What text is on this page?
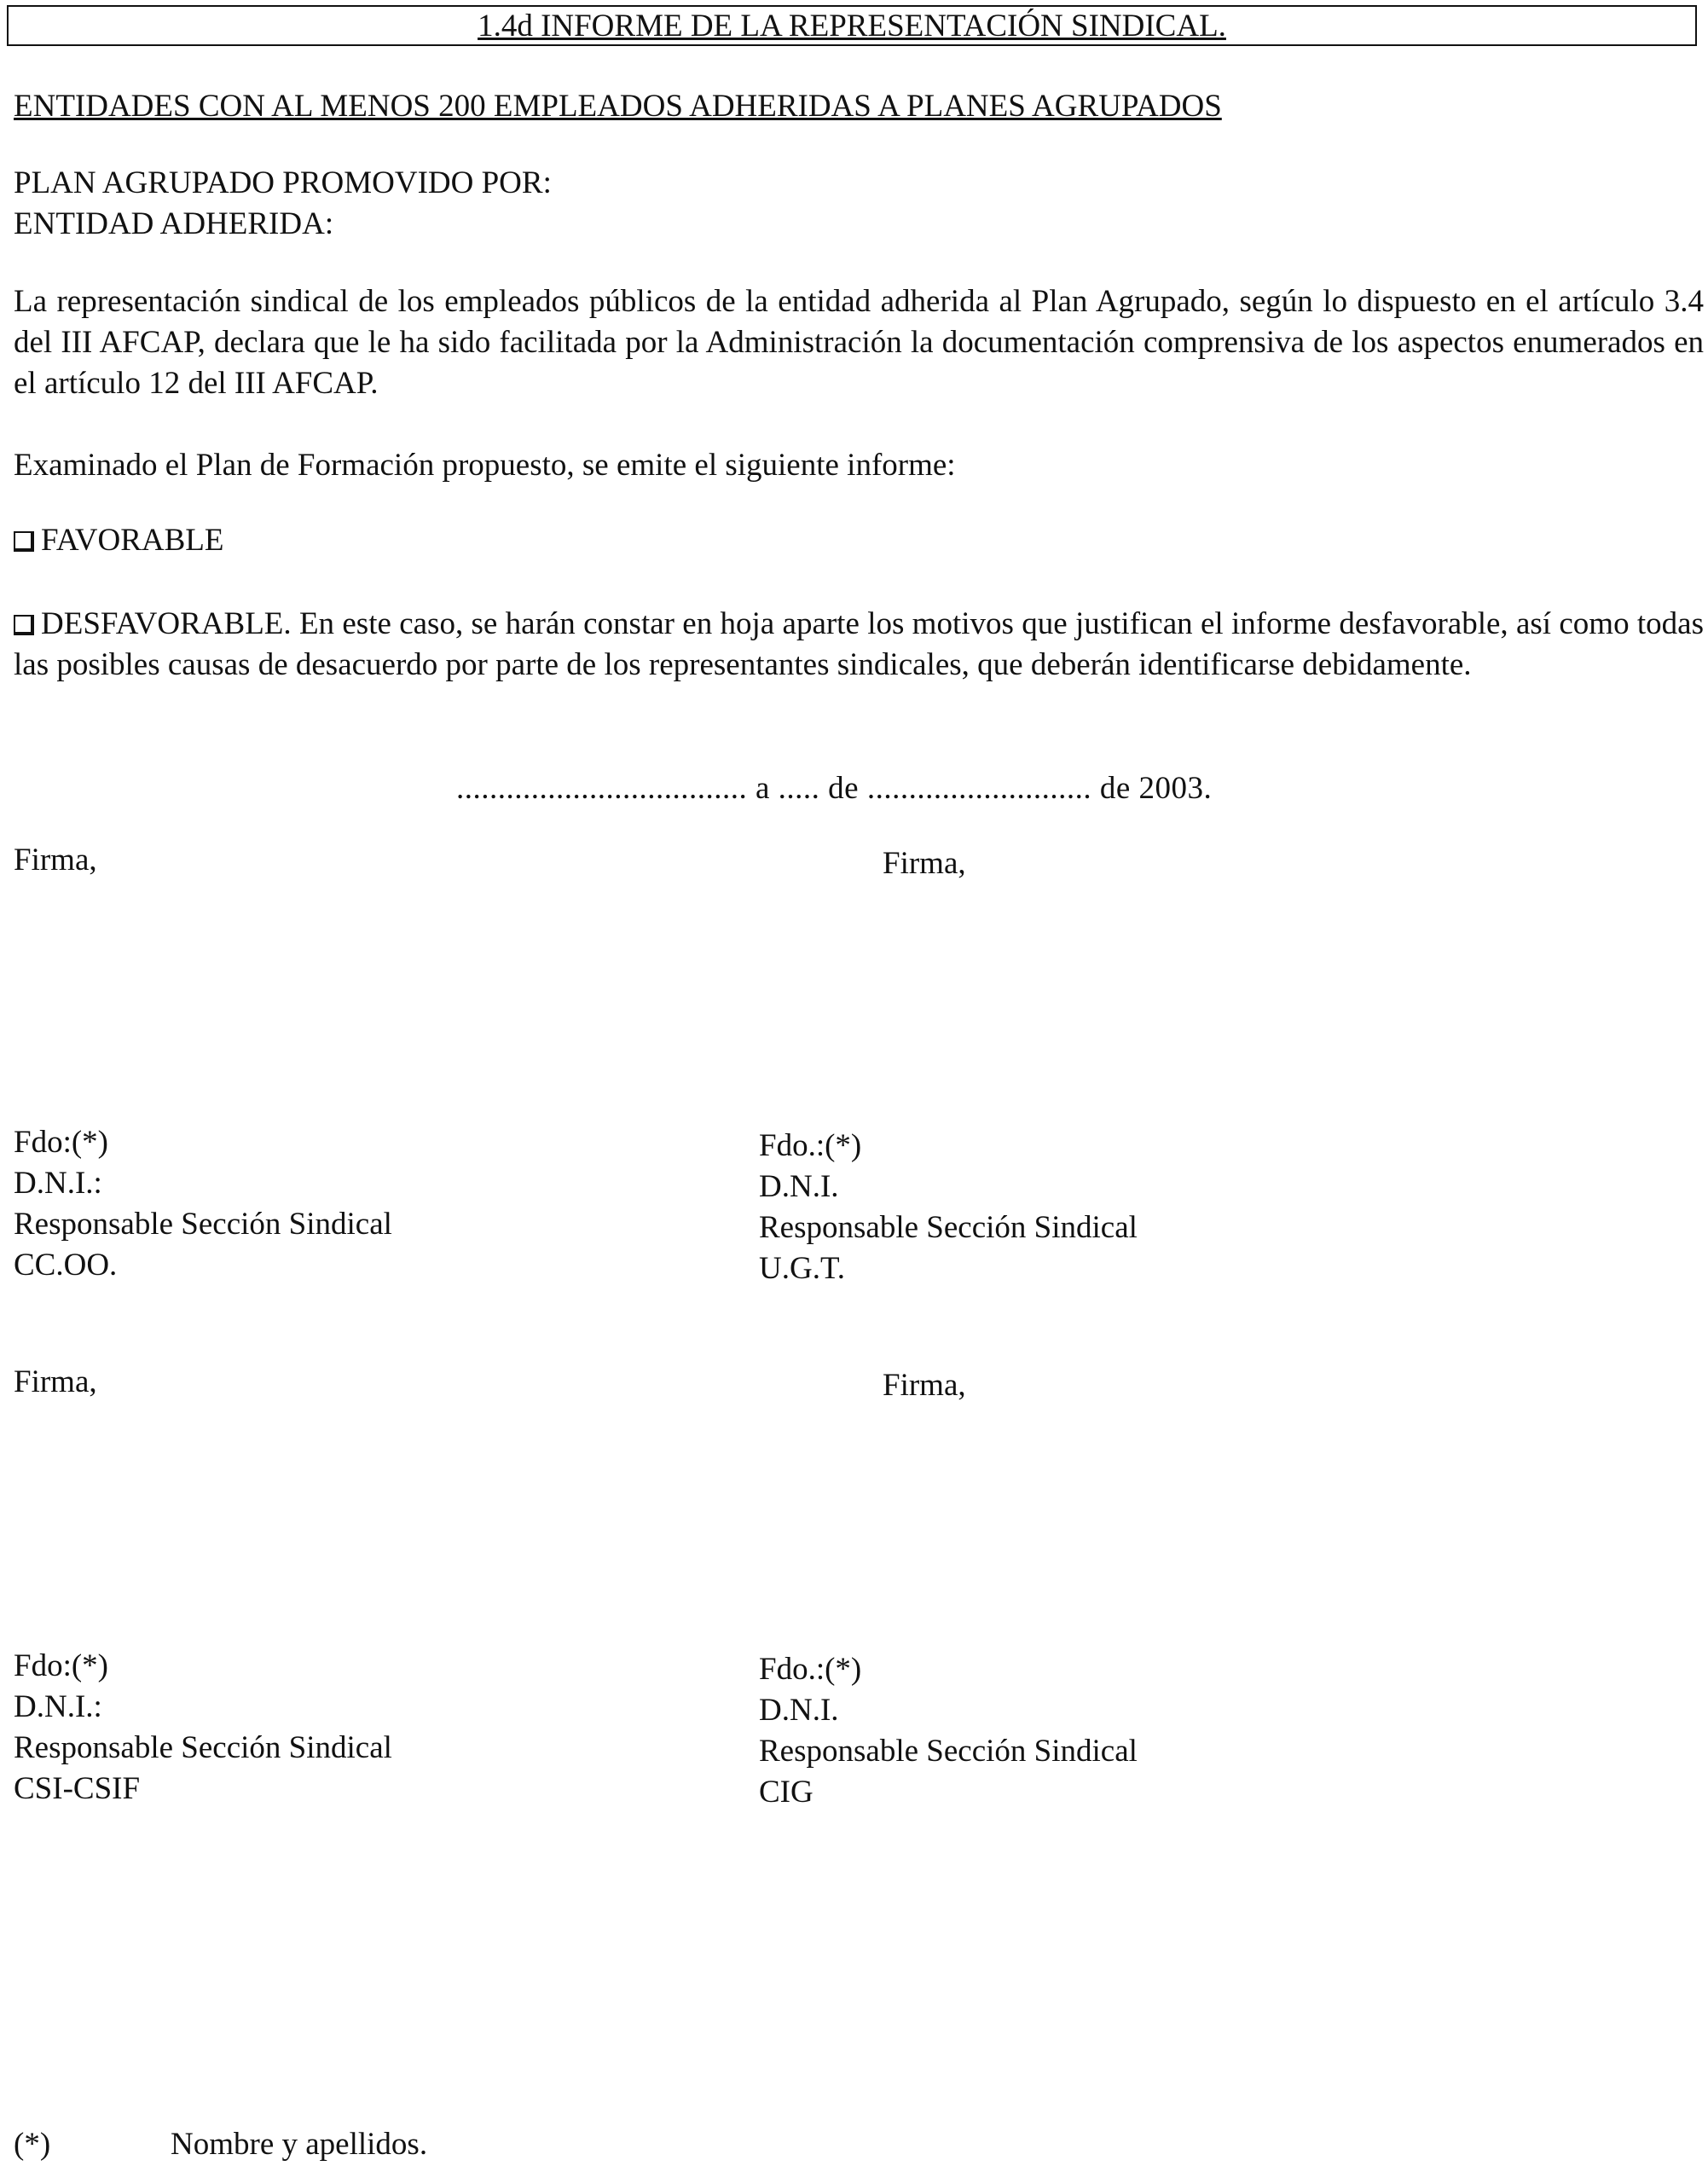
1.4d INFORME DE LA REPRESENTACIÓN SINDICAL.
ENTIDADES CON AL MENOS 200 EMPLEADOS ADHERIDAS A PLANES AGRUPADOS
PLAN AGRUPADO PROMOVIDO POR:
ENTIDAD ADHERIDA:
La representación sindical de los empleados públicos de la entidad adherida al Plan Agrupado, según lo dispuesto en el artículo 3.4 del III AFCAP, declara que le ha sido facilitada por la Administración la documentación comprensiva de los aspectos enumerados en el artículo 12 del III AFCAP.
Examinado el Plan de Formación propuesto, se emite el siguiente informe:
FAVORABLE
DESFAVORABLE. En este caso, se harán constar en hoja aparte los motivos que justifican el informe desfavorable, así como todas las posibles causas de desacuerdo por parte de los representantes sindicales, que deberán identificarse debidamente.
................................... a ..... de ........................... de 2003.
Firma,	Firma,
Firma,	Firma,
Fdo:(*)
D.N.I.:
Responsable Sección Sindical
CC.OO.
Fdo.:(*)
D.N.I.
Responsable Sección Sindical
U.G.T.
Fdo:(*)
D.N.I.:
Responsable Sección Sindical
CSI-CSIF
Fdo.:(*)
D.N.I.
Responsable Sección Sindical
CIG
(*)	Nombre y apellidos.
